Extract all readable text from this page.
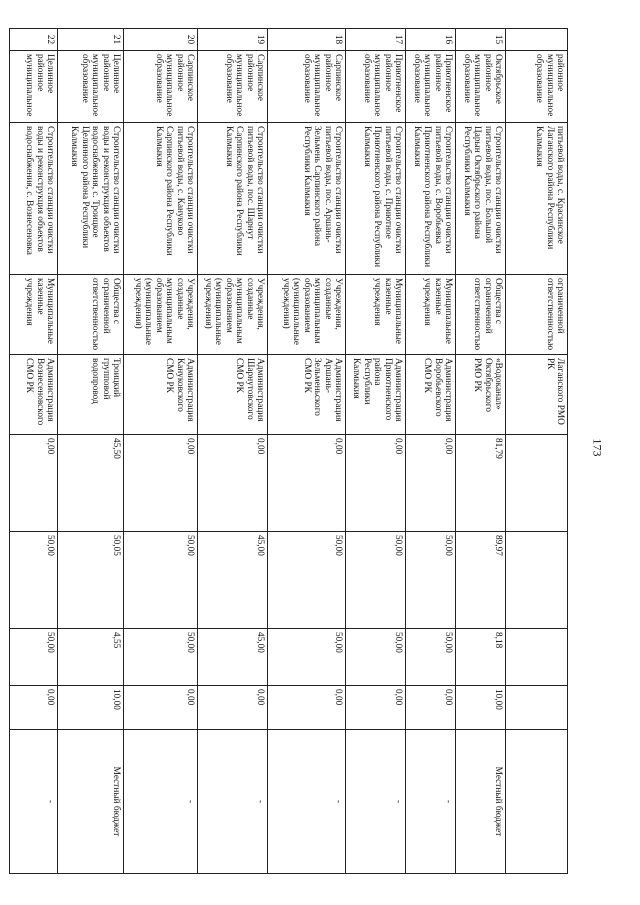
	районное муниципальное образование	питьевой воды, с. Красинское Лаганского района Республики Калмыкия	ограниченной ответственностью	Лаганского РМО РК					
15	Октябрьское районное муниципальное образование	Строительство станции очистки питьевой воды, пос. Большой Царын Октябрьского района Республики Калмыкия	Общества с ограниченной ответственностью	«Водоканал» Октябрьского РМО РК	81,79	89,97	8,18	10,00	Местный бюджет
16	Приютненское районное муниципальное образование	Строительство станции очистки питьевой воды, с. Воробьевка Приютненского района Республики Калмыкия	Муниципальные казенные учреждения	Администрация Воробьевского СМО РК	0,00	50,00	50,00	0,00	-
17	Приютненское районное муниципальное образование	Строительство станции очистки питьевой воды, с. Приютное Приютненского района Республики Калмыкия	Муниципальные казенные учреждения	Администрация Приютненского района Республики Калмыкия	0,00	50,00	50,00	0,00	-
18	Сарпинское районное муниципальное образование	Строительство станции очистки питьевой воды, пос. Аршань-Зельмень Сарпинского района Республики Калмыкия	Учреждения, созданные муниципальным образованием (муниципальные учреждения)	Администрация Аршань-Зельменьского СМО РК	0,00	50,00	50,00	0,00	-
19	Сарпинское районное муниципальное образование	Строительство станции очистки питьевой воды, пос. Шарнут Сарпинского района Республики Калмыкия	Учреждения, созданные муниципальным образованием (муниципальные учреждения)	Администрация Шарнутовского СМО РК	0,00	45,00	45,00	0,00	-
20	Сарпинское районное муниципальное образование	Строительство станции очистки питьевой воды, с. Кануково Сарпинского района Республики Калмыкия	Учреждения, созданные муниципальным образованием (муниципальные учреждения)	Администрация Кануковского СМО РК	0,00	50,00	50,00	0,00	-
21	Целинное районное муниципальное образование	Строительство станции очистки воды и реконструкция объектов водоснабжения, с. Троицкое Целинного района Республики Калмыкия	Общества с ограниченной ответственностью	Троицкий групповой водопровод	45,50	50,05	4,55	10,00	Местный бюджет
22	Целинное районное муниципальное	Строительство станции очистки воды и реконструкция объектов водоснабжения, с. Вознесеновка	Муниципальные казенные учреждения	Администрация Вознесеновского СМО РК	0,00	50,00	50,00	0,00	-
173
